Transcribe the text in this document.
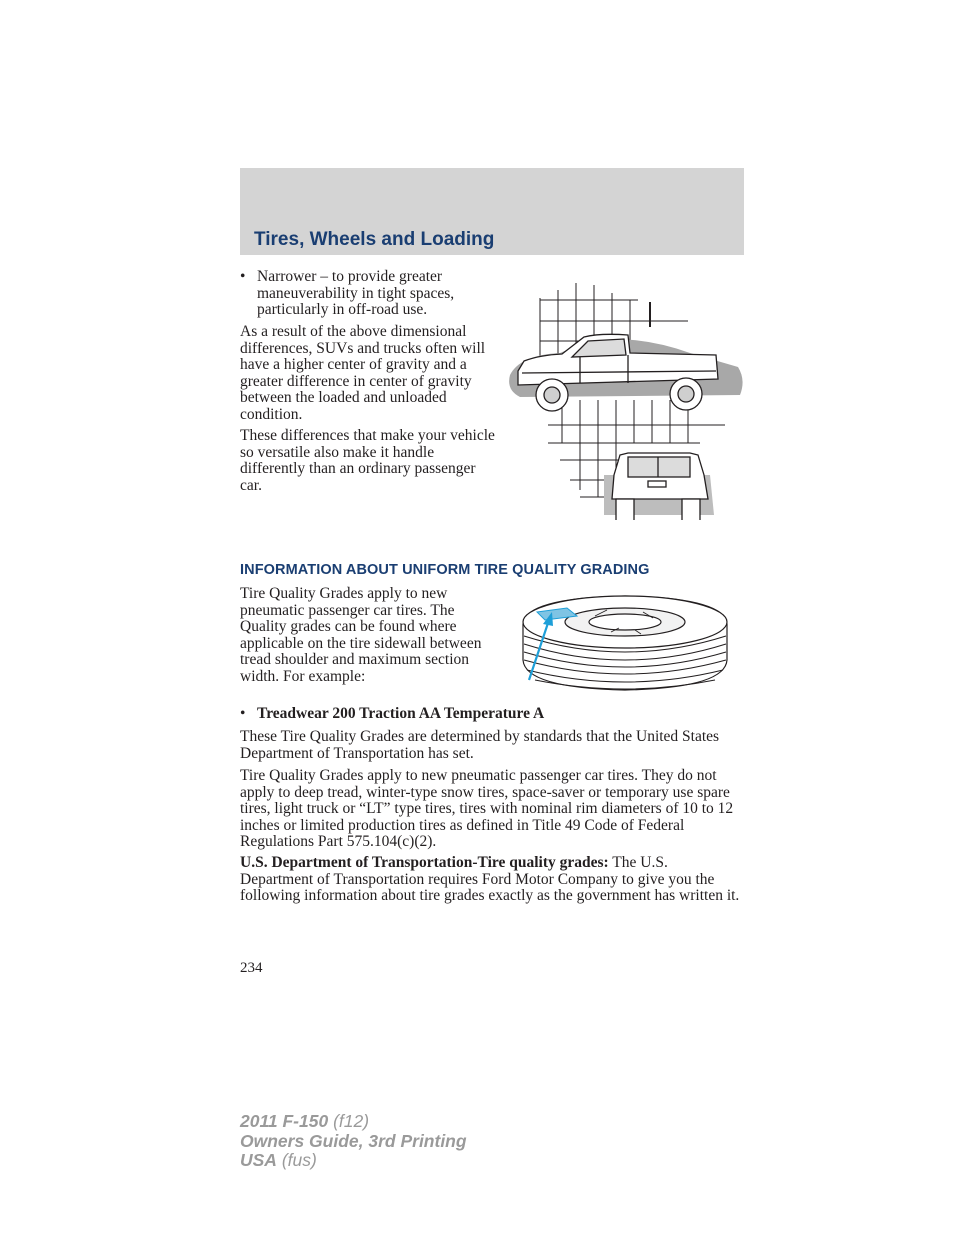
Tires, Wheels and Loading
• Narrower – to provide greater maneuverability in tight spaces, particularly in off-road use.

As a result of the above dimensional differences, SUVs and trucks often will have a higher center of gravity and a greater difference in center of gravity between the loaded and unloaded condition.

These differences that make your vehicle so versatile also make it handle differently than an ordinary passenger car.

INFORMATION ABOUT UNIFORM TIRE QUALITY GRADING

Tire Quality Grades apply to new pneumatic passenger car tires. The Quality grades can be found where applicable on the tire sidewall between tread shoulder and maximum section width. For example:

• Treadwear 200 Traction AA Temperature A

These Tire Quality Grades are determined by standards that the United States Department of Transportation has set.

Tire Quality Grades apply to new pneumatic passenger car tires. They do not apply to deep tread, winter-type snow tires, space-saver or temporary use spare tires, light truck or “LT” type tires, tires with nominal rim diameters of 10 to 12 inches or limited production tires as defined in Title 49 Code of Federal Regulations Part 575.104(c)(2).

U.S. Department of Transportation-Tire quality grades: The U.S. Department of Transportation requires Ford Motor Company to give you the following information about tire grades exactly as the government has written it.

234
2011 F-150 (f12)
Owners Guide, 3rd Printing
USA (fus)
